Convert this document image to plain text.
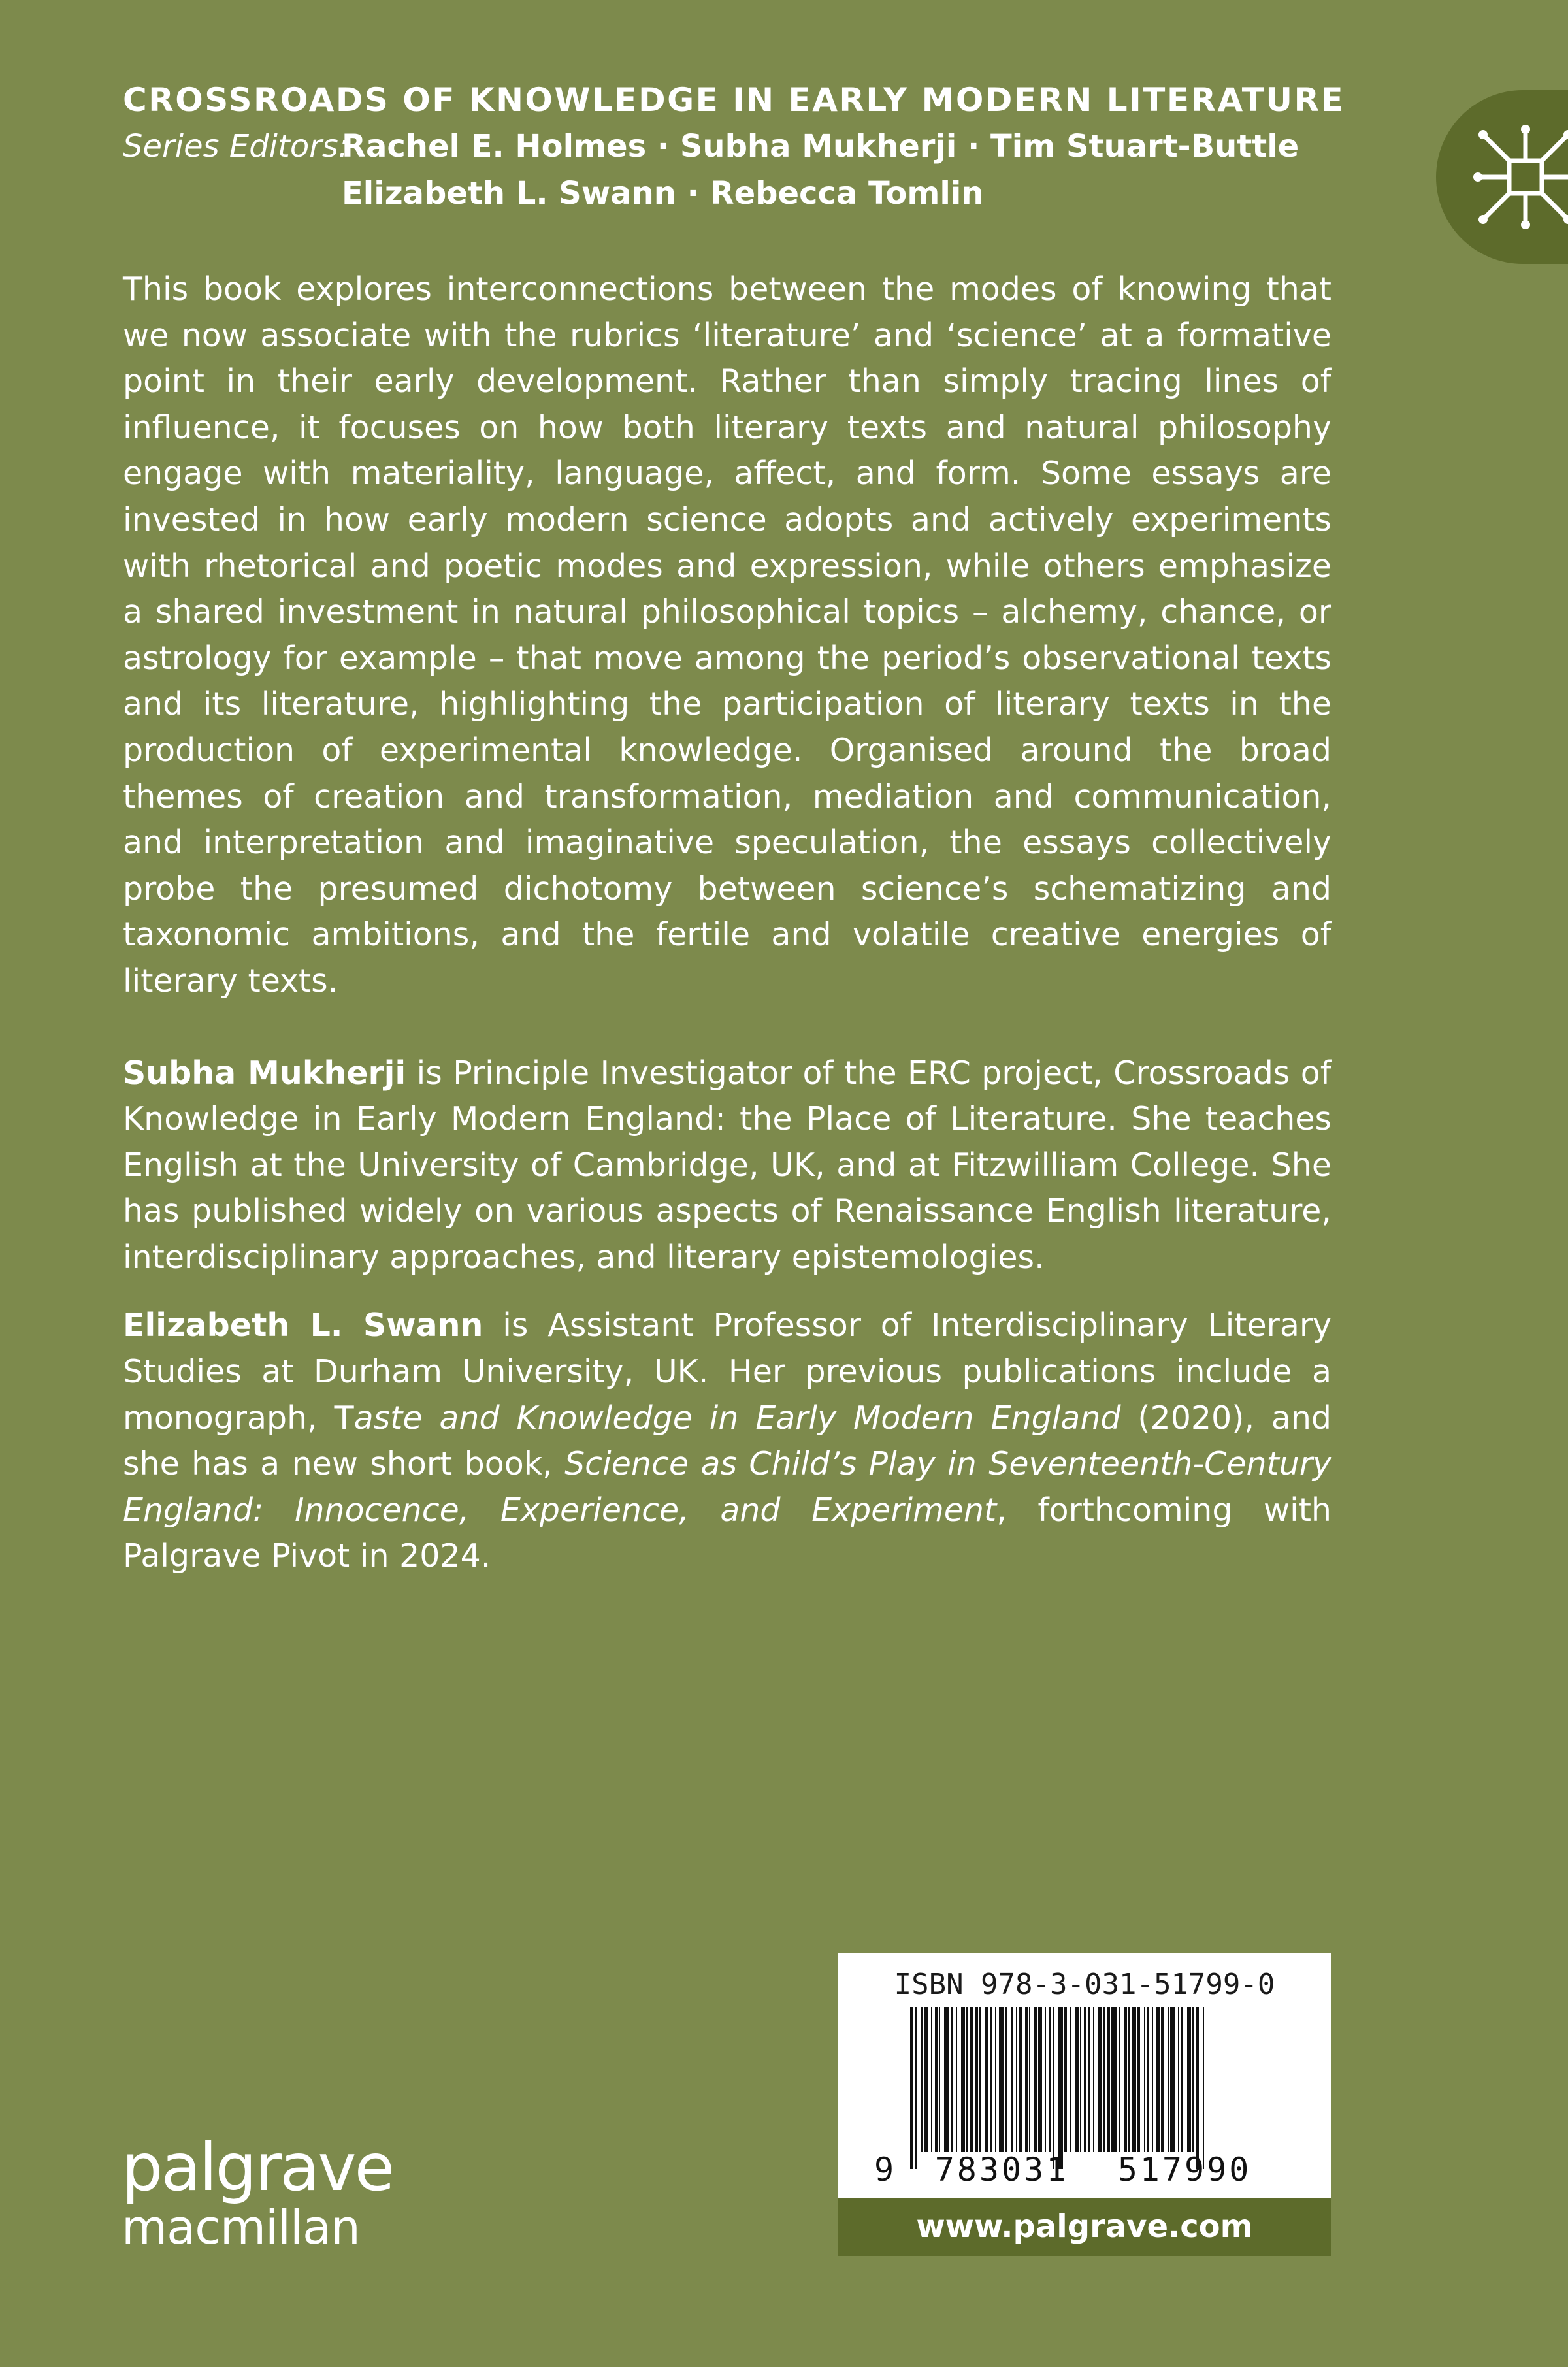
CROSSROADS OF KNOWLEDGE IN EARLY MODERN LITERATURE
Series Editors:
Rachel E. Holmes · Subha Mukherji · Tim Stuart-Buttle
Elizabeth L. Swann · Rebecca Tomlin

This book explores interconnections between the modes of knowing that we now associate with the rubrics ‘literature’ and ‘science’ at a formative point in their early development. Rather than simply tracing lines of influence, it focuses on how both literary texts and natural philosophy engage with materiality, language, affect, and form. Some essays are invested in how early modern science adopts and actively experiments with rhetorical and poetic modes and expression, while others emphasize a shared investment in natural philosophical topics – alchemy, chance, or astrology for example – that move among the period’s observational texts and its literature, highlighting the participation of literary texts in the production of experimental knowledge. Organised around the broad themes of creation and transformation, mediation and communication, and interpretation and imaginative speculation, the essays collectively probe the presumed dichotomy between science’s schematizing and taxonomic ambitions, and the fertile and volatile creative energies of literary texts.

Subha Mukherji is Principle Investigator of the ERC project, Crossroads of Knowledge in Early Modern England: the Place of Literature. She teaches English at the University of Cambridge, UK, and at Fitzwilliam College. She has published widely on various aspects of Renaissance English literature, interdisciplinary approaches, and literary epistemologies.

Elizabeth L. Swann is Assistant Professor of Interdisciplinary Literary Studies at Durham University, UK. Her previous publications include a monograph, Taste and Knowledge in Early Modern England (2020), and she has a new short book, Science as Child’s Play in Seventeenth-Century England: Innocence, Experience, and Experiment, forthcoming with Palgrave Pivot in 2024.

palgrave
macmillan
ISBN 978-3-031-51799-0
9 783031 517990
www.palgrave.com
